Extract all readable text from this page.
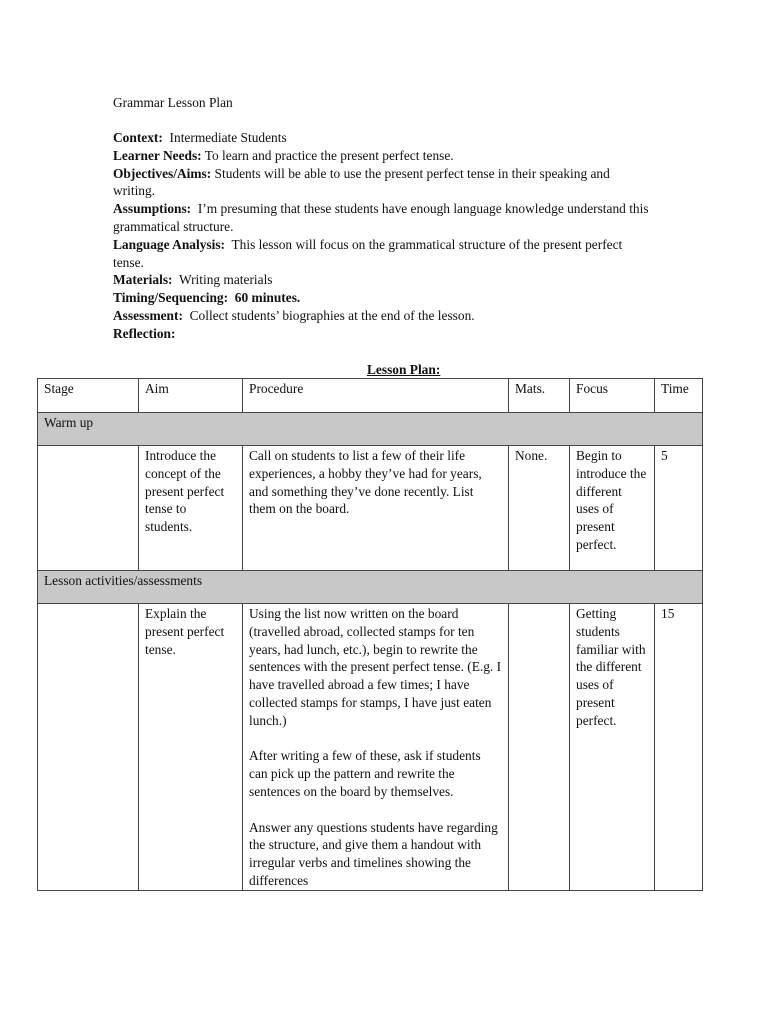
Grammar Lesson Plan

Context: Intermediate Students

Learner Needs: To learn and practice the present perfect tense.

Objectives/Aims: Students will be able to use the present perfect tense in their speaking and writing.

Assumptions: I’m presuming that these students have enough language knowledge understand this grammatical structure.

Language Analysis: This lesson will focus on the grammatical structure of the present perfect tense.

Materials: Writing materials

Timing/Sequencing: 60 minutes.

Assessment: Collect students’ biographies at the end of the lesson.

Reflection:

Lesson Plan:
Stage	Aim	Procedure	Mats.	Focus	Time
Warm up					
	Introduce the concept of the present perfect tense to students.	Call on students to list a few of their life experiences, a hobby they’ve had for years, and something they’ve done recently. List them on the board.	None.	Begin to introduce the different uses of present perfect.	5
Lesson activities/assessments					
	Explain the present perfect tense.	Using the list now written on the board (travelled abroad, collected stamps for ten years, had lunch, etc.), begin to rewrite the sentences with the present perfect tense. (E.g. I have travelled abroad a few times; I have collected stamps for stamps, I have just eaten lunch.)

After writing a few of these, ask if students can pick up the pattern and rewrite the sentences on the board by themselves.

Answer any questions students have regarding the structure, and give them a handout with irregular verbs and timelines showing the differences		Getting students familiar with the different uses of present perfect.	15
